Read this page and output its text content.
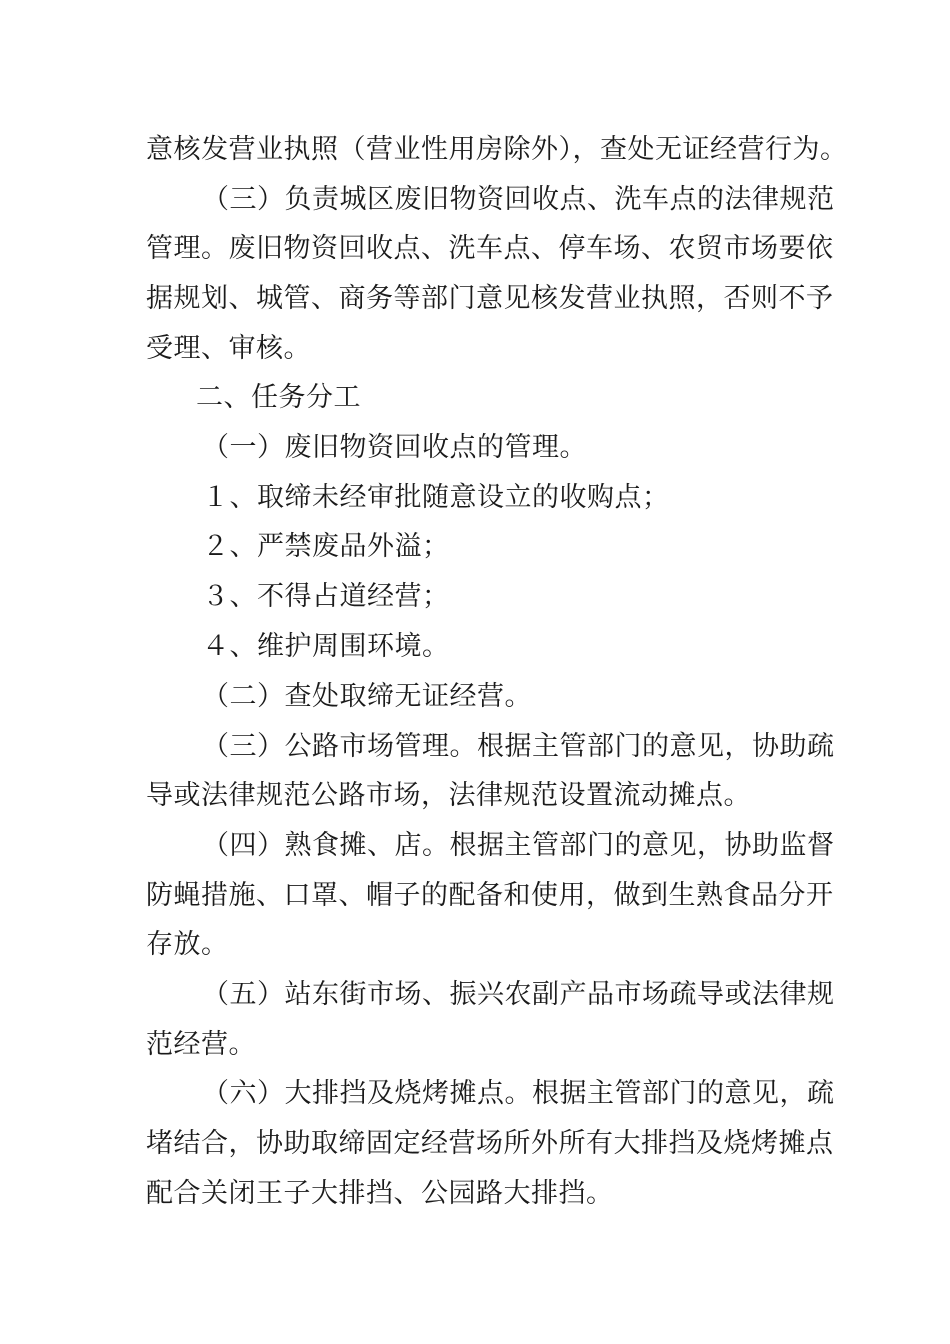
意核发营业执照（营业性用房除外），查处无证经营行为。
（三）负责城区废旧物资回收点、洗车点的法律规范
管理。废旧物资回收点、洗车点、停车场、农贸市场要依
据规划、城管、商务等部门意见核发营业执照，否则不予
受理、审核。
二、任务分工
（一）废旧物资回收点的管理。
１、取缔未经审批随意设立的收购点；
２、严禁废品外溢；
３、不得占道经营；
４、维护周围环境。
（二）查处取缔无证经营。
（三）公路市场管理。根据主管部门的意见，协助疏
导或法律规范公路市场，法律规范设置流动摊点。
（四）熟食摊、店。根据主管部门的意见，协助监督
防蝇措施、口罩、帽子的配备和使用，做到生熟食品分开
存放。
（五）站东街市场、振兴农副产品市场疏导或法律规
范经营。
（六）大排挡及烧烤摊点。根据主管部门的意见，疏
堵结合，协助取缔固定经营场所外所有大排挡及烧烤摊点
配合关闭王子大排挡、公园路大排挡。
